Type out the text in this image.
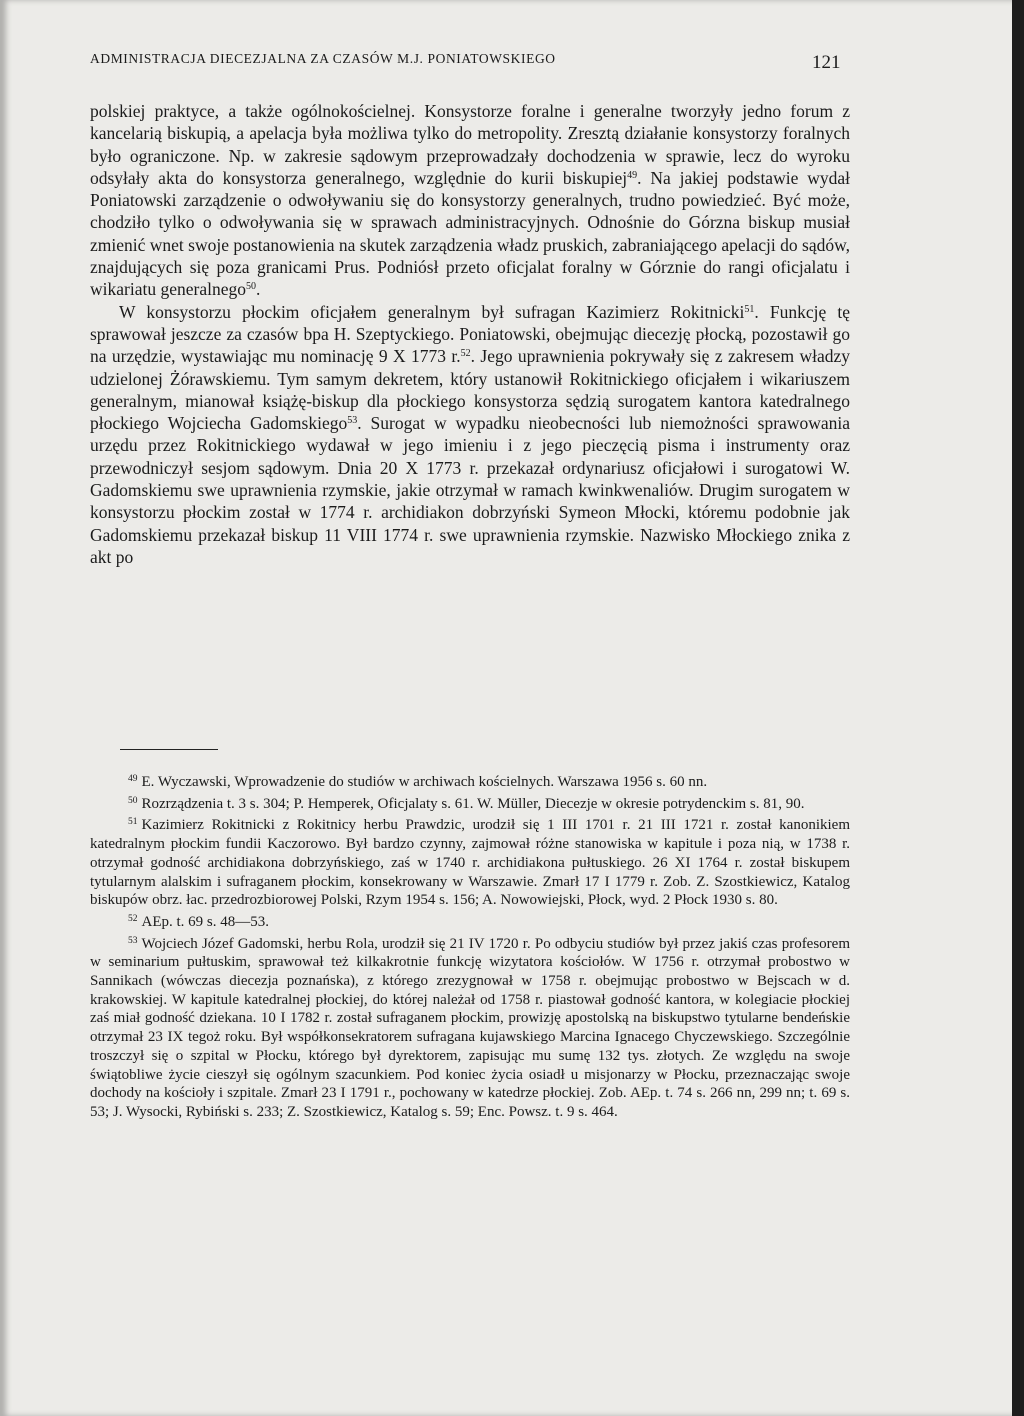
ADMINISTRACJA DIECEZJALNA ZA CZASÓW M.J. PONIATOWSKIEGO	121

polskiej praktyce, a także ogólnokościelnej. Konsystorze foralne i generalne tworzyły jedno forum z kancelarią biskupią, a apelacja była możliwa tylko do metropolity. Zresztą działanie konsystorzy foralnych było ograniczone. Np. w zakresie sądowym przeprowadzały dochodzenia w sprawie, lecz do wyroku odsyłały akta do konsystorza generalnego, względnie do kurii biskupiej$^{49}$. Na jakiej podstawie wydał Poniatowski zarządzenie o odwoływaniu się do konsystorzy generalnych, trudno powiedzieć. Być może, chodziło tylko o odwoływania się w sprawach administracyjnych. Odnośnie do Górzna biskup musiał zmienić wnet swoje postanowienia na skutek zarządzenia władz pruskich, zabraniającego apelacji do sądów, znajdujących się poza granicami Prus. Podniósł przeto oficjalat foralny w Górznie do rangi oficjalatu i wikariatu generalnego$^{50}$.

W konsystorzu płockim oficjałem generalnym był sufragan Kazimierz Rokitnicki$^{51}$. Funkcję tę sprawował jeszcze za czasów bpa H. Szeptyckiego. Poniatowski, obejmując diecezję płocką, pozostawił go na urzędzie, wystawiając mu nominację 9 X 1773 r.$^{52}$. Jego uprawnienia pokrywały się z zakresem władzy udzielonej Żórawskiemu. Tym samym dekretem, który ustanowił Rokitnickiego oficjałem i wikariuszem generalnym, mianował książę-biskup dla płockiego konsystorza sędzią surogatem kantora katedralnego płockiego Wojciecha Gadomskiego$^{53}$. Surogat w wypadku nieobecności lub niemożności sprawowania urzędu przez Rokitnickiego wydawał w jego imieniu i z jego pieczęcią pisma i instrumenty oraz przewodniczył sesjom sądowym. Dnia 20 X 1773 r. przekazał ordynariusz oficjałowi i surogatowi W. Gadomskiemu swe uprawnienia rzymskie, jakie otrzymał w ramach kwinkwenaliów. Drugim surogatem w konsystorzu płockim został w 1774 r. archidiakon dobrzyński Symeon Młocki, któremu podobnie jak Gadomskiemu przekazał biskup 11 VIII 1774 r. swe uprawnienia rzymskie. Nazwisko Młockiego znika z akt po

$^{49}$ E. Wyczawski, Wprowadzenie do studiów w archiwach kościelnych. Warszawa 1956 s. 60 nn.

$^{50}$ Rozrządzenia t. 3 s. 304; P. Hemperek, Oficjalaty s. 61. W. Müller, Diecezje w okresie potrydenckim s. 81, 90.

$^{51}$ Kazimierz Rokitnicki z Rokitnicy herbu Prawdzic, urodził się 1 III 1701 r. 21 III 1721 r. został kanonikiem katedralnym płockim fundii Kaczorowo. Był bardzo czynny, zajmował różne stanowiska w kapitule i poza nią, w 1738 r. otrzymał godność archidiakona dobrzyńskiego, zaś w 1740 r. archidiakona pułtuskiego. 26 XI 1764 r. został biskupem tytularnym alalskim i sufraganem płockim, konsekrowany w Warszawie. Zmarł 17 I 1779 r. Zob. Z. Szostkiewicz, Katalog biskupów obrz. łac. przedrozbiorowej Polski, Rzym 1954 s. 156; A. Nowowiejski, Płock, wyd. 2 Płock 1930 s. 80.

$^{52}$ AEp. t. 69 s. 48—53.

$^{53}$ Wojciech Józef Gadomski, herbu Rola, urodził się 21 IV 1720 r. Po odbyciu studiów był przez jakiś czas profesorem w seminarium pułtuskim, sprawował też kilkakrotnie funkcję wizytatora kościołów. W 1756 r. otrzymał probostwo w Sannikach (wówczas diecezja poznańska), z którego zrezygnował w 1758 r. obejmując probostwo w Bejscach w d. krakowskiej. W kapitule katedralnej płockiej, do której należał od 1758 r. piastował godność kantora, w kolegiacie płockiej zaś miał godność dziekana. 10 I 1782 r. został sufraganem płockim, prowizję apostolską na biskupstwo tytularne bendeńskie otrzymał 23 IX tegoż roku. Był współkonsekratorem sufragana kujawskiego Marcina Ignacego Chyczewskiego. Szczególnie troszczył się o szpital w Płocku, którego był dyrektorem, zapisując mu sumę 132 tys. złotych. Ze względu na swoje świątobliwe życie cieszył się ogólnym szacunkiem. Pod koniec życia osiadł u misjonarzy w Płocku, przeznaczając swoje dochody na kościoły i szpitale. Zmarł 23 I 1791 r., pochowany w katedrze płockiej. Zob. AEp. t. 74 s. 266 nn, 299 nn; t. 69 s. 53; J. Wysocki, Rybiński s. 233; Z. Szostkiewicz, Katalog s. 59; Enc. Powsz. t. 9 s. 464.
